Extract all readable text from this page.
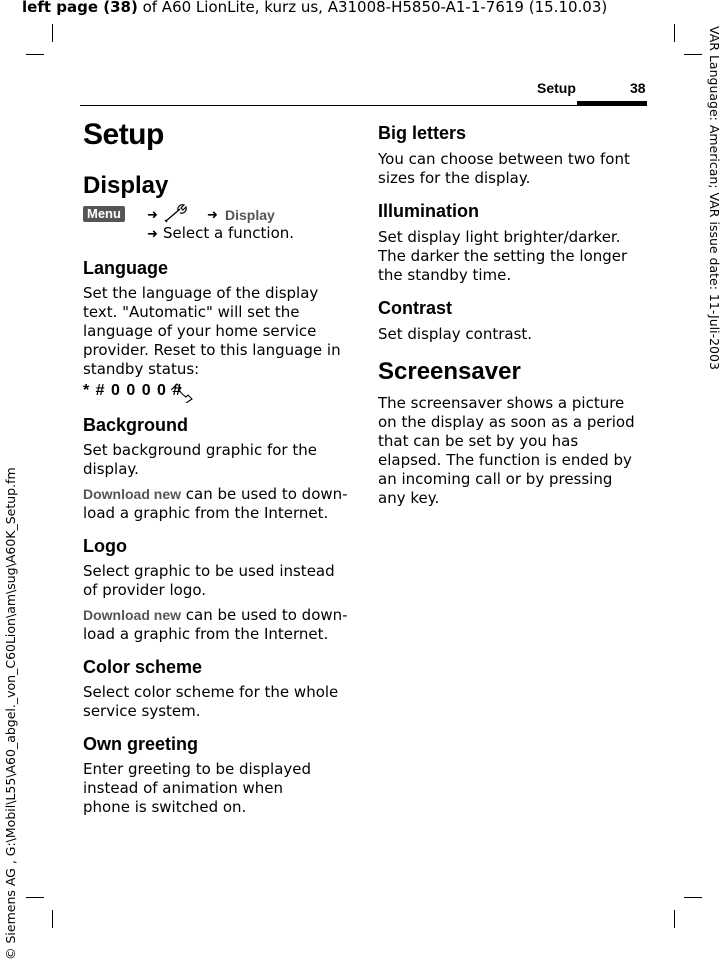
left page (38) of A60 LionLite, kurz us, A31008-H5850-A1-1-7619 (15.10.03)
VAR Language: American; VAR issue date: 11-Juli-2003
© Siemens AG , G:\Mobil\L55\A60_abgel._von_C60Lion\am\sug\A60K_Setup.fm
Setup	38
Setup
Display
Menu	➜	➜ Display
➜ Select a function.
Language

Set the language of the display text. "Automatic" will set the language of your home service provider. Reset to this language in standby status:

* # 0 0 0 0 #
Background

Set background graphic for the display.

Download new can be used to down-load a graphic from the Internet.

Logo

Select graphic to be used instead of provider logo.

Download new can be used to down-load a graphic from the Internet.

Color scheme

Select color scheme for the whole service system.

Own greeting

Enter greeting to be displayed instead of animation when phone is switched on.

Big letters

You can choose between two font sizes for the display.

Illumination

Set display light brighter/darker. The darker the setting the longer the standby time.

Contrast

Set display contrast.

Screensaver

The screensaver shows a picture on the display as soon as a period that can be set by you has elapsed. The function is ended by an incoming call or by pressing any key.
